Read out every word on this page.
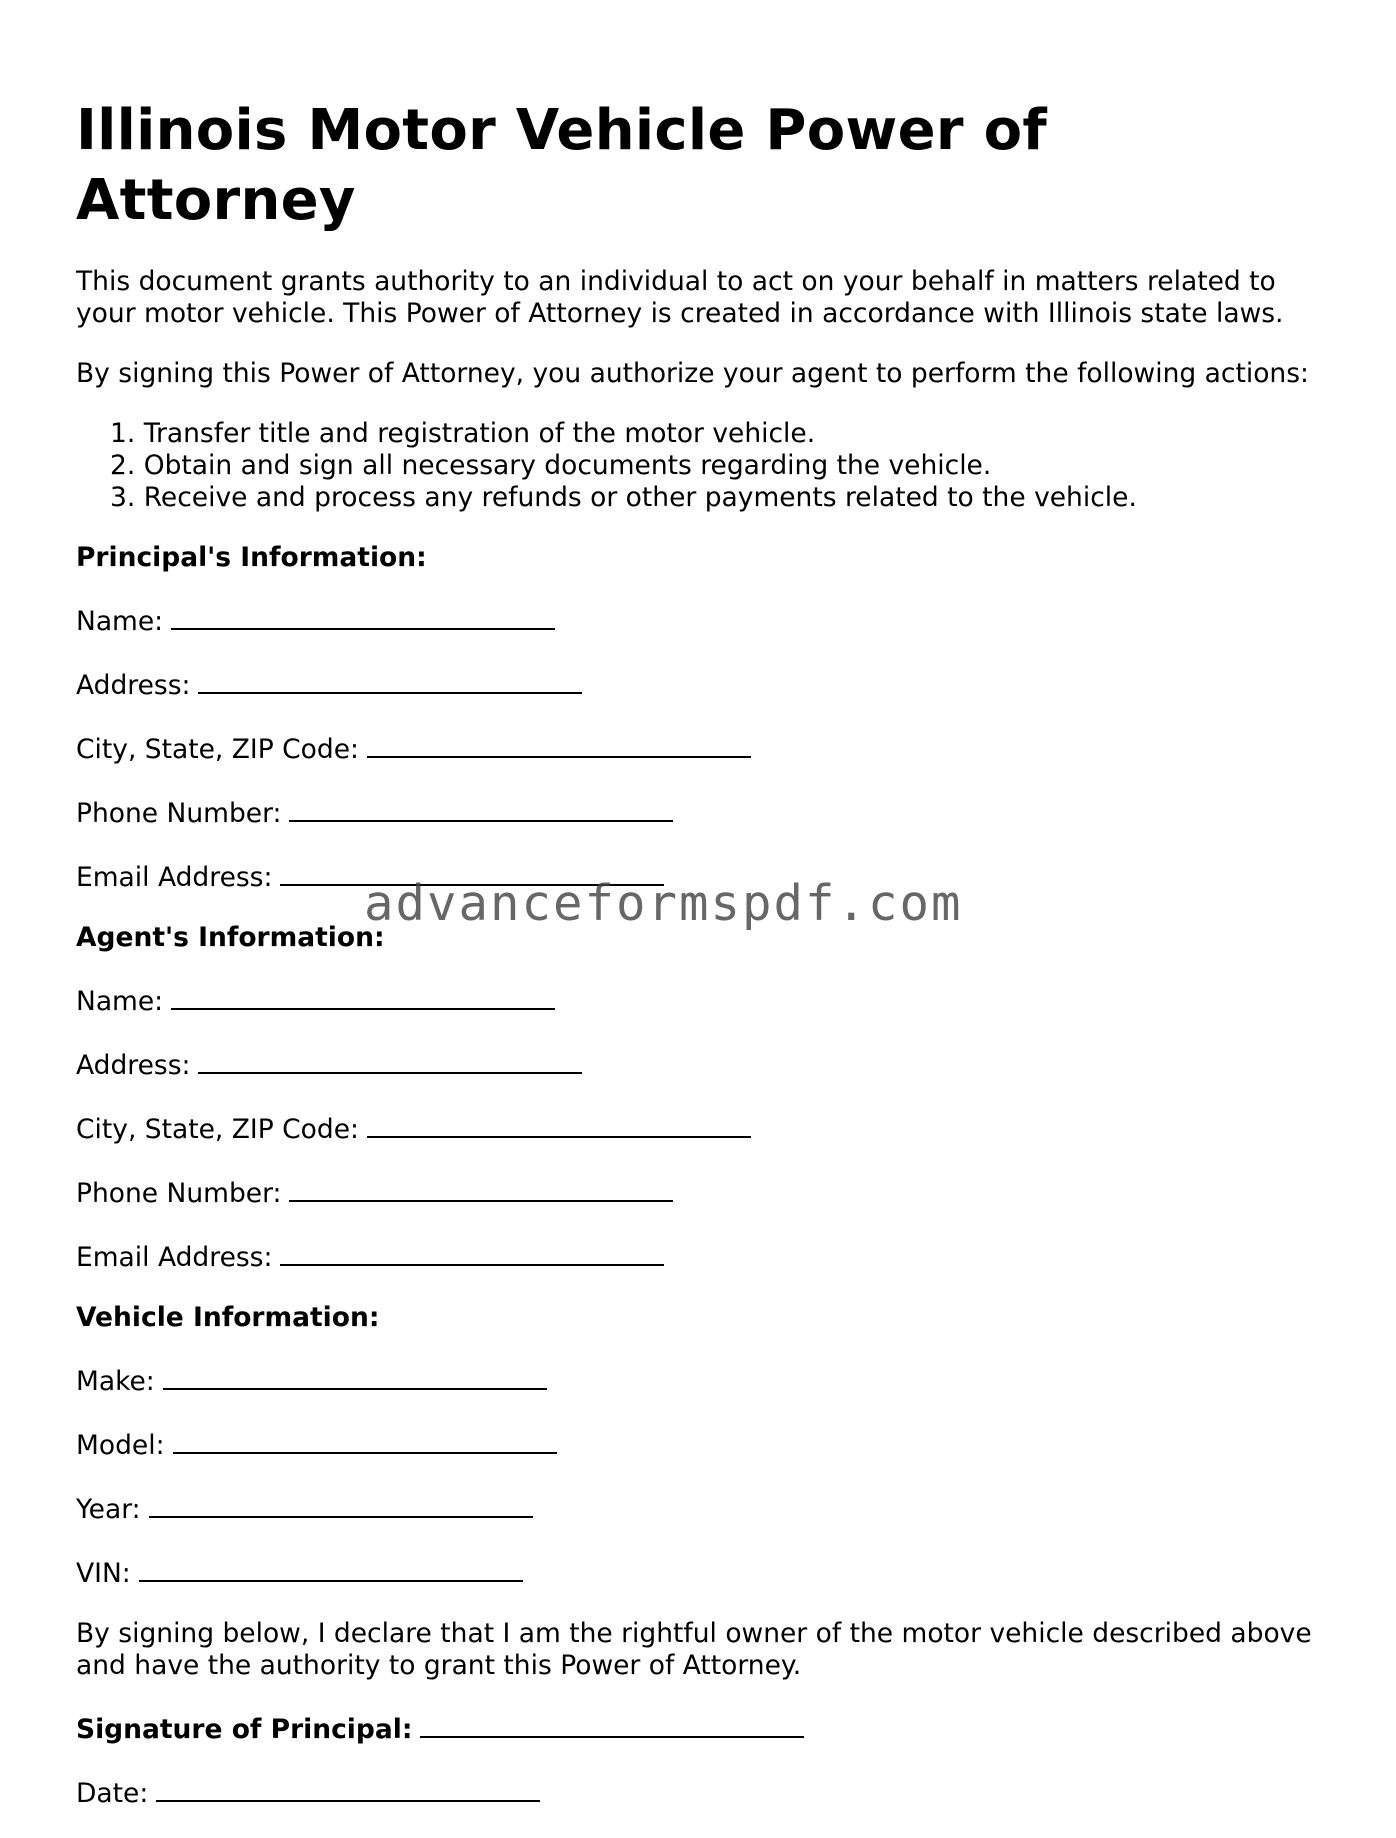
Illinois Motor Vehicle Power of Attorney

This document grants authority to an individual to act on your behalf in matters related to your motor vehicle. This Power of Attorney is created in accordance with Illinois state laws.

By signing this Power of Attorney, you authorize your agent to perform the following actions:

1. Transfer title and registration of the motor vehicle.
2. Obtain and sign all necessary documents regarding the vehicle.
3. Receive and process any refunds or other payments related to the vehicle.
Principal's Information:
Name:
Address:
City, State, ZIP Code:
Phone Number:
Email Address:
Agent's Information:
Name:
Address:
City, State, ZIP Code:
Phone Number:
Email Address:
Vehicle Information:
Make:
Model:
Year:
VIN:

By signing below, I declare that I am the rightful owner of the motor vehicle described above and have the authority to grant this Power of Attorney.

Signature of Principal:
Date:
advanceformspdf.com
